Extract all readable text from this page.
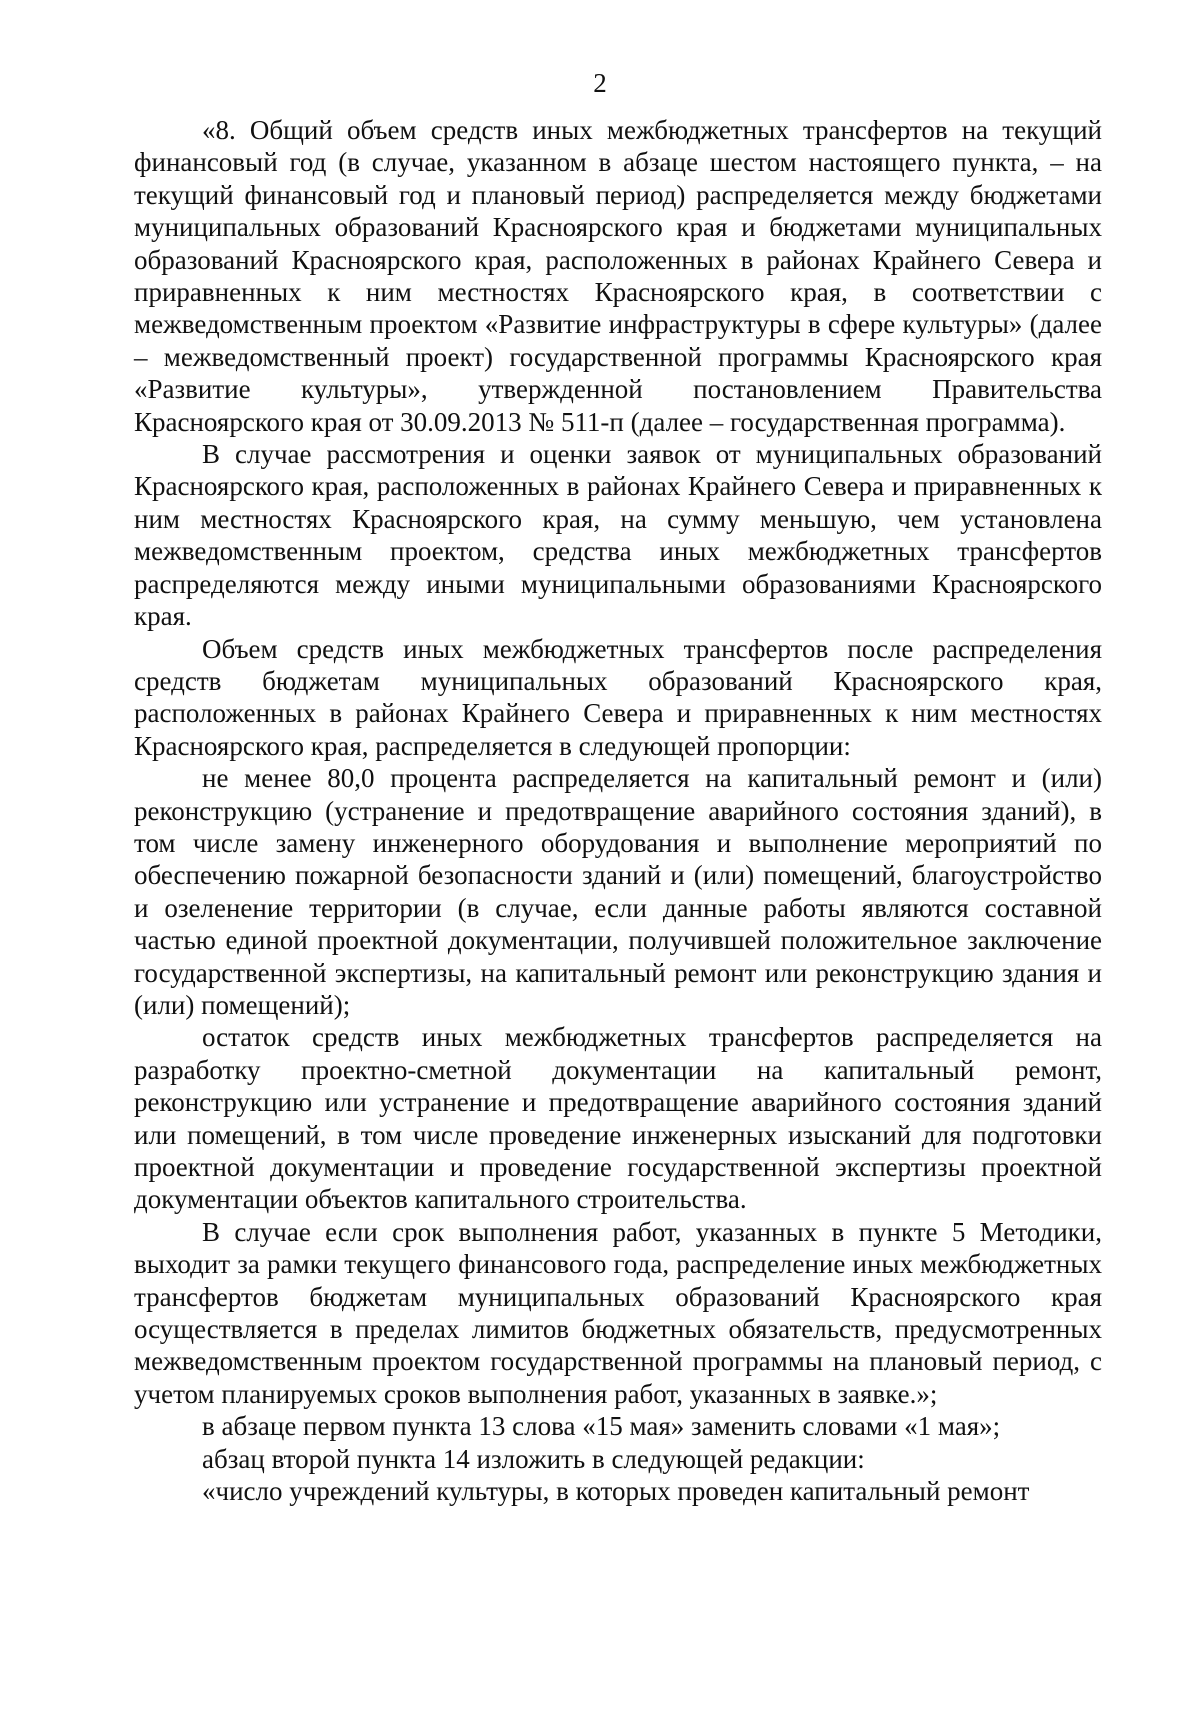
2

«8. Общий объем средств иных межбюджетных трансфертов на текущий финансовый год (в случае, указанном в абзаце шестом настоящего пункта, – на текущий финансовый год и плановый период) распределяется между бюджетами муниципальных образований Красноярского края и бюджетами муниципальных образований Красноярского края, расположенных в районах Крайнего Севера и приравненных к ним местностях Красноярского края, в соответствии с межведомственным проектом «Развитие инфраструктуры в сфере культуры» (далее – межведомственный проект) государственной программы Красноярского края «Развитие культуры», утвержденной постановлением Правительства Красноярского края от 30.09.2013 № 511-п (далее – государственная программа).

В случае рассмотрения и оценки заявок от муниципальных образований Красноярского края, расположенных в районах Крайнего Севера и приравненных к ним местностях Красноярского края, на сумму меньшую, чем установлена межведомственным проектом, средства иных межбюджетных трансфертов распределяются между иными муниципальными образованиями Красноярского края.

Объем средств иных межбюджетных трансфертов после распределения средств бюджетам муниципальных образований Красноярского края, расположенных в районах Крайнего Севера и приравненных к ним местностях Красноярского края, распределяется в следующей пропорции:

не менее 80,0 процента распределяется на капитальный ремонт и (или) реконструкцию (устранение и предотвращение аварийного состояния зданий), в том числе замену инженерного оборудования и выполнение мероприятий по обеспечению пожарной безопасности зданий и (или) помещений, благоустройство и озеленение территории (в случае, если данные работы являются составной частью единой проектной документации, получившей положительное заключение государственной экспертизы, на капитальный ремонт или реконструкцию здания и (или) помещений);

остаток средств иных межбюджетных трансфертов распределяется на разработку проектно-сметной документации на капитальный ремонт, реконструкцию или устранение и предотвращение аварийного состояния зданий или помещений, в том числе проведение инженерных изысканий для подготовки проектной документации и проведение государственной экспертизы проектной документации объектов капитального строительства.

В случае если срок выполнения работ, указанных в пункте 5 Методики, выходит за рамки текущего финансового года, распределение иных межбюджетных трансфертов бюджетам муниципальных образований Красноярского края осуществляется в пределах лимитов бюджетных обязательств, предусмотренных межведомственным проектом государственной программы на плановый период, с учетом планируемых сроков выполнения работ, указанных в заявке.»;

в абзаце первом пункта 13 слова «15 мая» заменить словами «1 мая»;

абзац второй пункта 14 изложить в следующей редакции:

«число учреждений культуры, в которых проведен капитальный ремонт
